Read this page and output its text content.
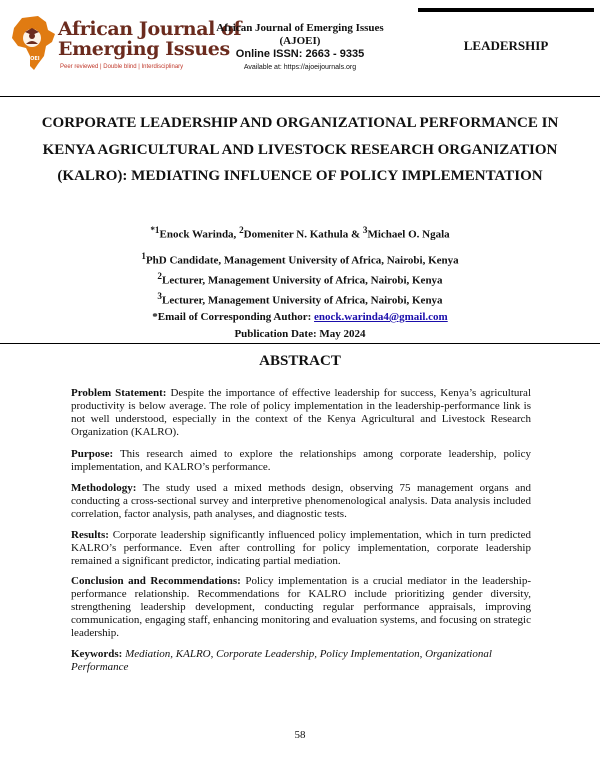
AJOEI
African Journal of
Emerging Issues
Peer reviewed | Double blind | Interdisciplinary
African Journal of Emerging Issues
(AJOEI)
Online ISSN: 2663 - 9335
Available at: https://ajoeijournals.org
LEADERSHIP
CORPORATE LEADERSHIP AND ORGANIZATIONAL PERFORMANCE IN KENYA AGRICULTURAL AND LIVESTOCK RESEARCH ORGANIZATION (KALRO): MEDIATING INFLUENCE OF POLICY IMPLEMENTATION
$^{*1}$Enock Warinda, $^2$Domeniter N. Kathula & $^3$Michael O. Ngala
$^1$PhD Candidate, Management University of Africa, Nairobi, Kenya
$^2$Lecturer, Management University of Africa, Nairobi, Kenya
$^3$Lecturer, Management University of Africa, Nairobi, Kenya
*Email of Corresponding Author: enock.warinda4@gmail.com
Publication Date: May 2024
ABSTRACT
Problem Statement: Despite the importance of effective leadership for success, Kenya’s agricultural productivity is below average. The role of policy implementation in the leadership-performance link is not well understood, especially in the context of the Kenya Agricultural and Livestock Research Organization (KALRO).
Purpose: This research aimed to explore the relationships among corporate leadership, policy implementation, and KALRO’s performance.
Methodology: The study used a mixed methods design, observing 75 management organs and conducting a cross-sectional survey and interpretive phenomenological analysis. Data analysis included correlation, factor analysis, path analyses, and diagnostic tests.
Results: Corporate leadership significantly influenced policy implementation, which in turn predicted KALRO’s performance. Even after controlling for policy implementation, corporate leadership remained a significant predictor, indicating partial mediation.
Conclusion and Recommendations: Policy implementation is a crucial mediator in the leadership-performance relationship. Recommendations for KALRO include prioritizing gender diversity, strengthening leadership development, conducting regular performance appraisals, improving communication, engaging staff, enhancing monitoring and evaluation systems, and focusing on strategic leadership.
Keywords: Mediation, KALRO, Corporate Leadership, Policy Implementation, Organizational Performance
58
